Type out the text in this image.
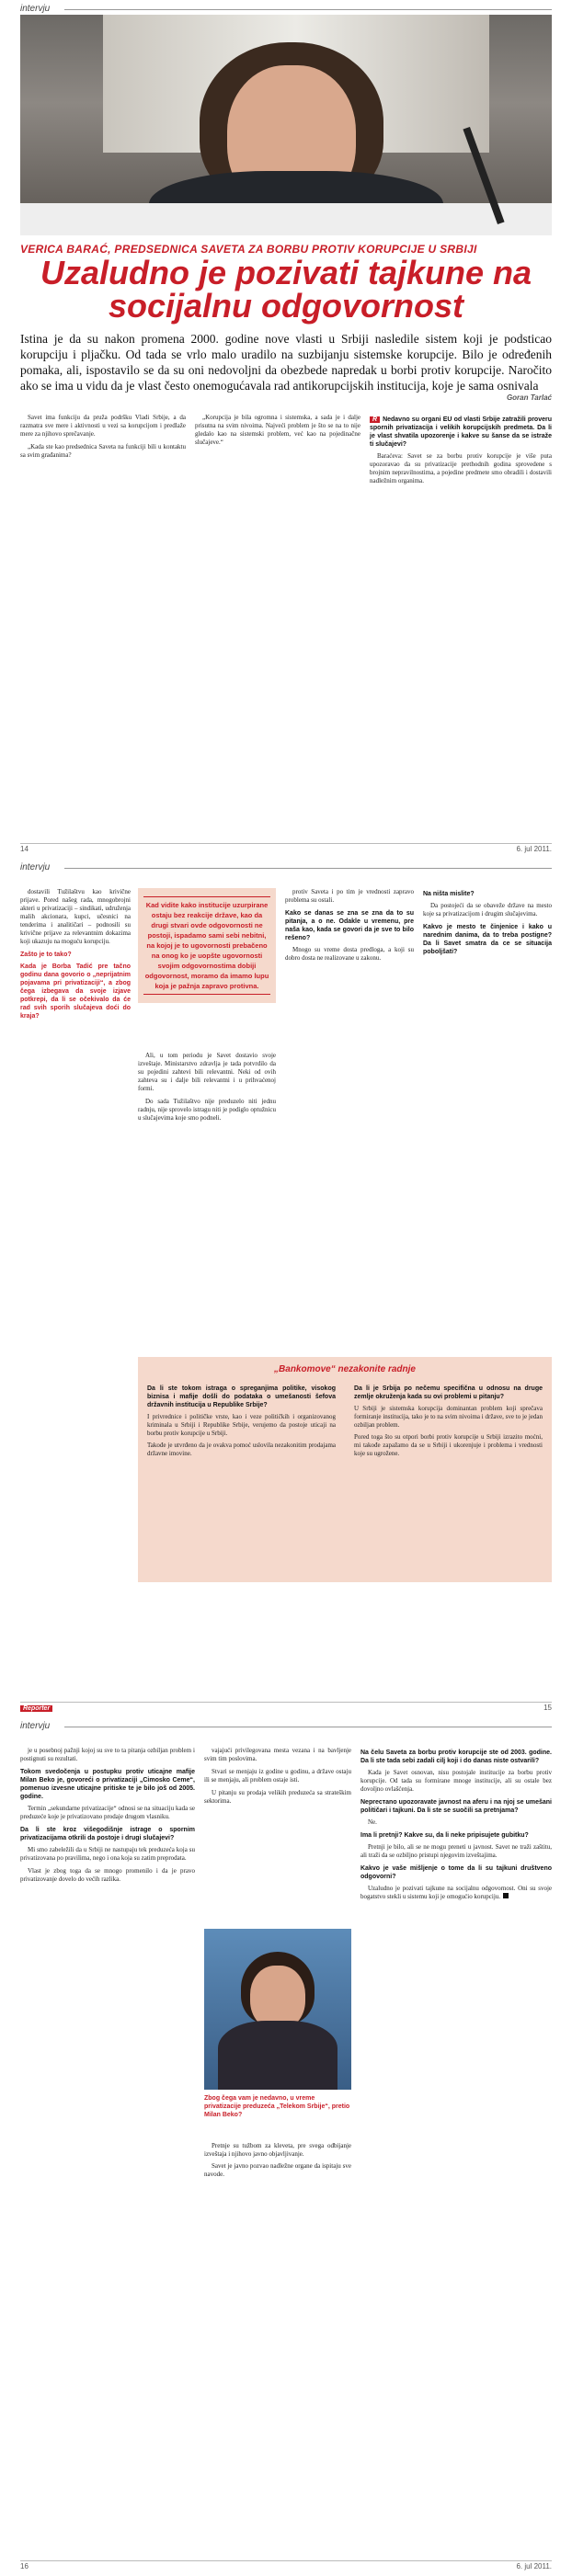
intervju
VERICA BARAĆ, PREDSEDNICA SAVETA ZA BORBU PROTIV KORUPCIJE U SRBIJI
Uzaludno je pozivati tajkune na socijalnu odgovornost

Istina je da su nakon promena 2000. godine nove vlasti u Srbiji nasledile sistem koji je podsticao korupciju i pljačku. Od tada se vrlo malo uradilo na suzbijanju sistemske korupcije. Bilo je određenih pomaka, ali, ispostavilo se da su oni nedovoljni da obezbede napredak u borbi protiv korupcije. Naročito ako se ima u vidu da je vlast često onemogućavala rad antikorupcijskih institucija, koje je sama osnivala

Goran Tarlać

Savet ima funkciju da pruža podršku Vladi Srbije, a da razmatra sve mere i aktivnosti u vezi sa korupcijom i predlaže mere za njihovo sprečavanje.

„Kada ste kao predsednica Saveta na funkciji bili u kontaktu sa svim građanima?

„Korupcija je bila ogromna i sistemska, a sada je i dalje prisutna na svim nivoima. Najveći problem je što se na to nije gledalo kao na sistemski problem, već kao na pojedinačne slučajeve.“

R Nedavno su organi EU od vlasti Srbije zatražili proveru spornih privatizacija i velikih korupcijskih predmeta. Da li je vlast shvatila upozorenje i kakve su šanse da se istraže ti slučajevi?

Baraćeva: Savet se za borbu protiv korupcije je više puta upozoravao da su privatizacije prethodnih godina sprovedene s brojnim nepravilnostima, a pojedine predmete smo obradili i dostavili nadležnim organima.

14	6. jul 2011.
intervju

dostavili Tužilaštvu kao krivične prijave. Pored našeg rada, mnogobrojni akteri u privatizaciji – sindikati, udruženja malih akcionara, kupci, učesnici na tenderima i analitičari – podnosili su krivične prijave za relevantnim dokazima koji ukazuju na moguću korupciju.

Zašto je to tako?

Kada je Borba Tadić pre tačno godinu dana govorio o „neprijatnim pojavama pri privatizaciji“, a zbog čega izbegava da svoje izjave potkrepi, da li se očekivalo da će rad svih sporih slučajeva doći do kraja?

Kad vidite kako institucije uzurpirane ostaju bez reakcije države, kao da drugi stvari ovde odgovornosti ne postoji, ispadamo sami sebi nebitni, na kojoj je to ugovornosti prebačeno na onog ko je uopšte ugovornosti svojim odgovornostima dobiji odgovornost, moramo da imamo lupu koja je pažnja zapravo protivna.

Ali, u tom periodu je Savet dostavio svoje izveštaje. Ministarstvo zdravlja je tada potvrdilo da su pojedini zahtevi bili relevantni. Neki od ovih zahteva su i dalje bili relevantni i u prihvaćenoj formi.

Do sada Tužilaštvo nije preduzelo niti jednu radnju, nije sprovelo istragu niti je podiglo optužnicu u slučajevima koje smo podneli.

protiv Saveta i po tim je vrednosti zapravo problema su ostali.

Kako se danas se zna se zna da to su pitanja, a o ne. Odakle u vremenu, pre naša kao, kada se govori da je sve to bilo rešeno?

Mnogo su vreme dosta predloga, a koji su dobro dosta ne realizovane u zakonu.

Na ništa mislite?

Da postojeći da se obaveže države na mesto koje sa privatizacijom i drugim slučajevima.

Kakvo je mesto te činjenice i kako u narednim danima, da to treba postigne? Da li Savet smatra da ce se situacija poboljšati?

„Bankomove“ nezakonite radnje

Da li ste tokom istraga o spreganjima politike, visokog biznisa i mafije došli do podataka o umešanosti šefova državnih institucija u Republike Srbije?

I privrednice i političke vrste, kao i veze političkih i organizovanog kriminala u Srbiji i Republike Srbije, verujemo da postoje uticaji na borbu protiv korupcije u Srbiji.

Takođe je utvrđeno da je ovakva pomoć uslovila nezakonitim prodajama državne imovine.

Da li je Srbija po nečemu specifična u odnosu na druge zemlje okruženja kada su ovi problemi u pitanju?

U Srbiji je sistemska korupcija dominantan problem koji sprečava formiranje institucija, tako je to na svim nivoima i države, sve to je jedan ozbiljan problem.

Pored toga što su otpori borbi protiv korupcije u Srbiji izrazito moćni, mi takođe zapažamo da se u Srbiji i ukorenjuje i problema i vrednosti koje su ugrožene.

Reporter	15
intervju

je u posebnoj pažnji kojoj su sve to ta pitanja ozbiljan problem i postignuti su rezultati.

Tokom svedočenja u postupku protiv uticajne mafije Milan Beko je, govoreći o privatizaciji „Cimosko Ceme“, pomenuo izvesne uticajne pritiske te je bilo još od 2005. godine.

Termin „sekundarne privatizacije“ odnosi se na situaciju kada se preduzeće koje je privatizovano prodaje drugom vlasniku.

Da li ste kroz višegodišnje istrage o spornim privatizacijama otkrili da postoje i drugi slučajevi?

Mi smo zabeležili da u Srbiji ne nastupaju tek preduzeća koja su privatizovana po pravilima, nego i ona koja su zatim preprodata.

Vlast je zbog toga da se mnogo promenilo i da je pravo privatizovanje dovelo do većih razlika.

vajajući privilegovana mesta vezana i na bavljenje svim tim poslovima.

Stvari se menjaju iz godine u godinu, a države ostaju ili se menjaju, ali problem ostaje isti.

U pitanju su prodaja velikih preduzeća sa strateškim sektorima.

Zbog čega vam je nedavno, u vreme privatizacije preduzeća „Telekom Srbije“, pretio Milan Beko?

Pretnje su tužbom za kleveta, pre svega odbijanje izveštaja i njihovo javno objavljivanje.

Savet je javno pozvao nadležne organe da ispitaju sve navode.

Na čelu Saveta za borbu protiv korupcije ste od 2003. godine. Da li ste tada sebi zadali cilj koji i do danas niste ostvarili?

Kada je Savet osnovan, nisu postojale institucije za borbu protiv korupcije. Od tada su formirane mnoge institucije, ali su ostale bez dovoljno ovlašćenja.

Nepreстano upozoravate javnost na aferu i na njoj se umešani političari i tajkuni. Da li ste se suočili sa pretnjama?

Ne.

Ima li pretnji? Kakve su, da li neke pripisujete gubitku?

Pretnji je bilo, ali se ne mogu preneti u javnost. Savet ne traži zaštitu, ali traži da se ozbiljno pristupi njegovim izveštajima.

Kakvo je vaše mišljenje o tome da li su tajkuni društveno odgovorni?

Uzaludno je pozivati tajkune na socijalnu odgovornost. Oni su svoje bogatstvo stekli u sistemu koji je omogućio korupciju.

16	6. jul 2011.
